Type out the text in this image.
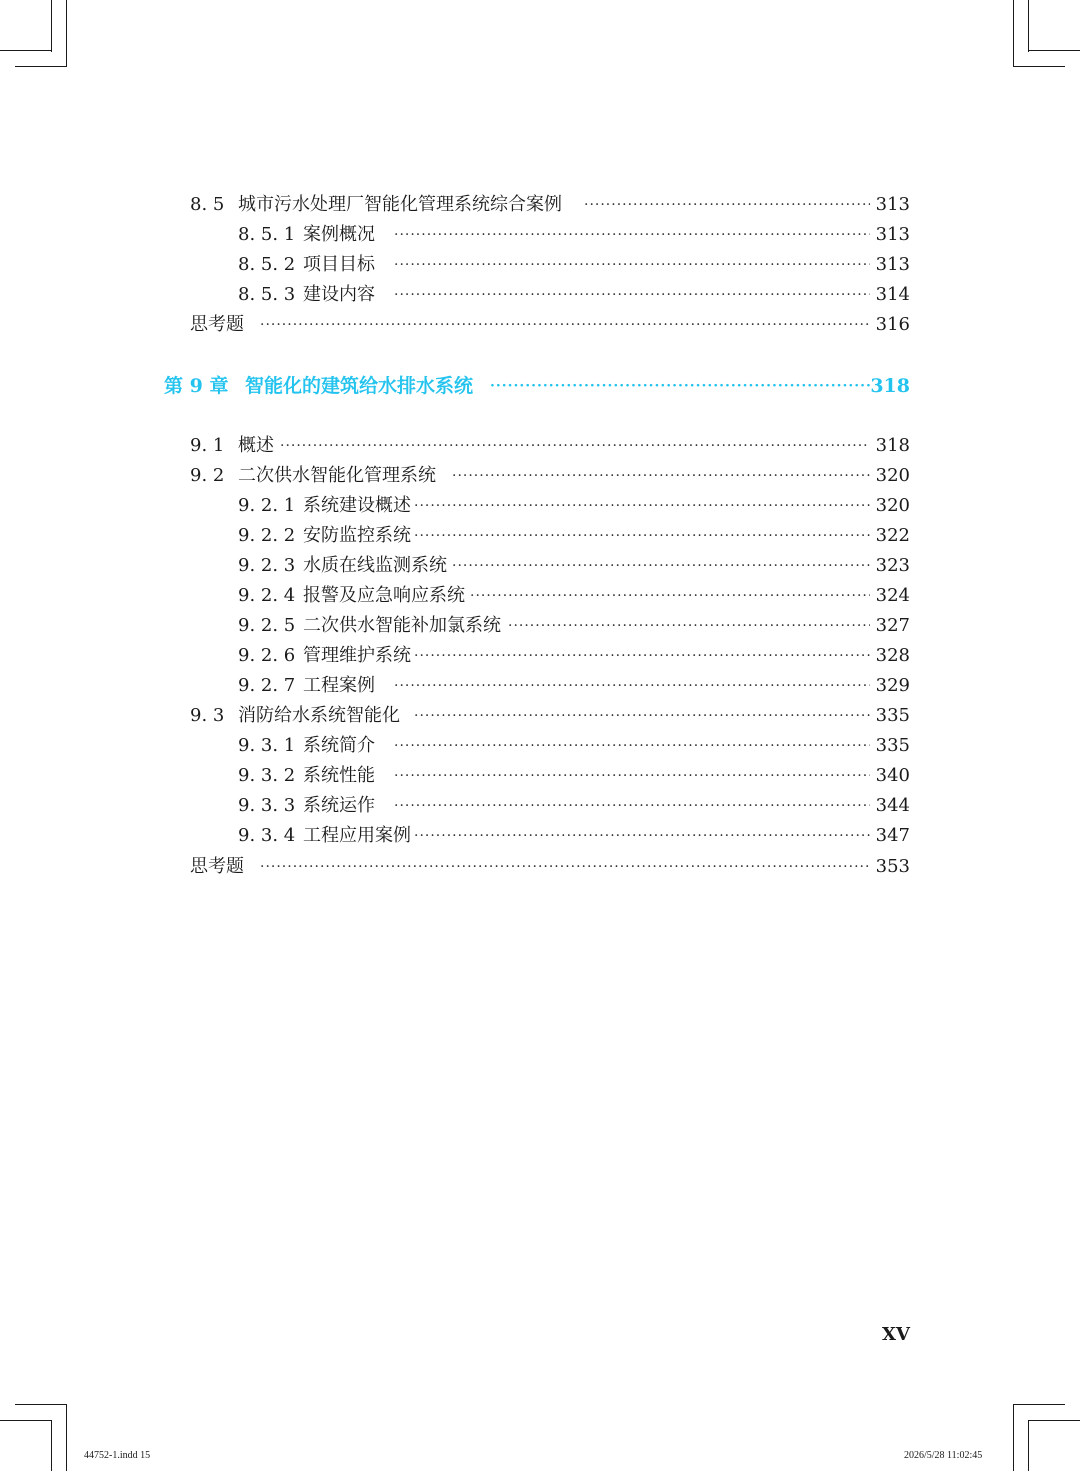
8. 5 城市污水处理厂智能化管理系统综合案例 ·····	313
8. 5. 1 案例概况 ·····	313
8. 5. 2 项目目标 ·····	313
8. 5. 3 建设内容 ·····	314
思考题 ·····	316
第 9 章 智能化的建筑给水排水系统 ·····	318
9. 1 概述 ·····	318
9. 2 二次供水智能化管理系统 ·····	320
9. 2. 1 系统建设概述 ·····	320
9. 2. 2 安防监控系统 ·····	322
9. 2. 3 水质在线监测系统 ·····	323
9. 2. 4 报警及应急响应系统 ·····	324
9. 2. 5 二次供水智能补加氯系统 ·····	327
9. 2. 6 管理维护系统 ·····	328
9. 2. 7 工程案例 ·····	329
9. 3 消防给水系统智能化 ·····	335
9. 3. 1 系统简介 ·····	335
9. 3. 2 系统性能 ·····	340
9. 3. 3 系统运作 ·····	344
9. 3. 4 工程应用案例 ·····	347
思考题 ·····	353
XV
44752-1.indd 15	2026/5/28 11:02:45
